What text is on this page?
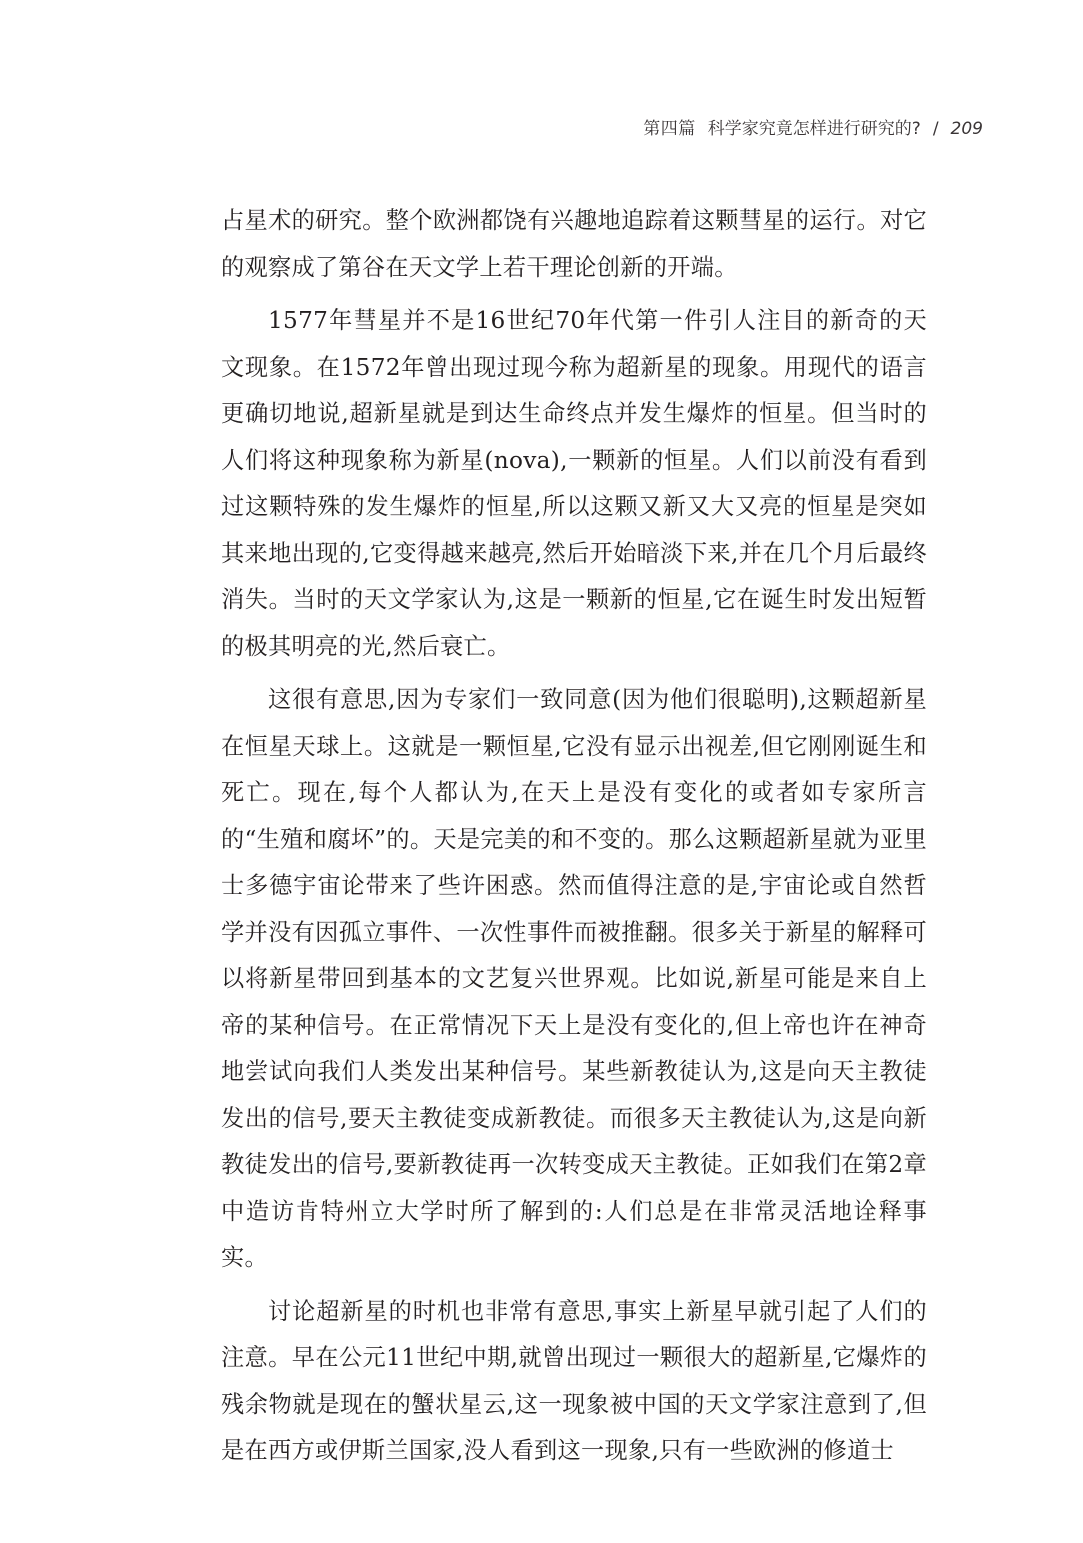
第四篇 科学家究竟怎样进行研究的? / 209

占星术的研究。整个欧洲都饶有兴趣地追踪着这颗彗星的运行。对它的观察成了第谷在天文学上若干理论创新的开端。

1577年彗星并不是16世纪70年代第一件引人注目的新奇的天文现象。在1572年曾出现过现今称为超新星的现象。用现代的语言更确切地说,超新星就是到达生命终点并发生爆炸的恒星。但当时的人们将这种现象称为新星(nova),一颗新的恒星。人们以前没有看到过这颗特殊的发生爆炸的恒星,所以这颗又新又大又亮的恒星是突如其来地出现的,它变得越来越亮,然后开始暗淡下来,并在几个月后最终消失。当时的天文学家认为,这是一颗新的恒星,它在诞生时发出短暂的极其明亮的光,然后衰亡。

这很有意思,因为专家们一致同意(因为他们很聪明),这颗超新星在恒星天球上。这就是一颗恒星,它没有显示出视差,但它刚刚诞生和死亡。现在,每个人都认为,在天上是没有变化的或者如专家所言的“生殖和腐坏”的。天是完美的和不变的。那么这颗超新星就为亚里士多德宇宙论带来了些许困惑。然而值得注意的是,宇宙论或自然哲学并没有因孤立事件、一次性事件而被推翻。很多关于新星的解释可以将新星带回到基本的文艺复兴世界观。比如说,新星可能是来自上帝的某种信号。在正常情况下天上是没有变化的,但上帝也许在神奇地尝试向我们人类发出某种信号。某些新教徒认为,这是向天主教徒发出的信号,要天主教徒变成新教徒。而很多天主教徒认为,这是向新教徒发出的信号,要新教徒再一次转变成天主教徒。正如我们在第2章中造访肯特州立大学时所了解到的:人们总是在非常灵活地诠释事实。

讨论超新星的时机也非常有意思,事实上新星早就引起了人们的注意。早在公元11世纪中期,就曾出现过一颗很大的超新星,它爆炸的残余物就是现在的蟹状星云,这一现象被中国的天文学家注意到了,但是在西方或伊斯兰国家,没人看到这一现象,只有一些欧洲的修道士
